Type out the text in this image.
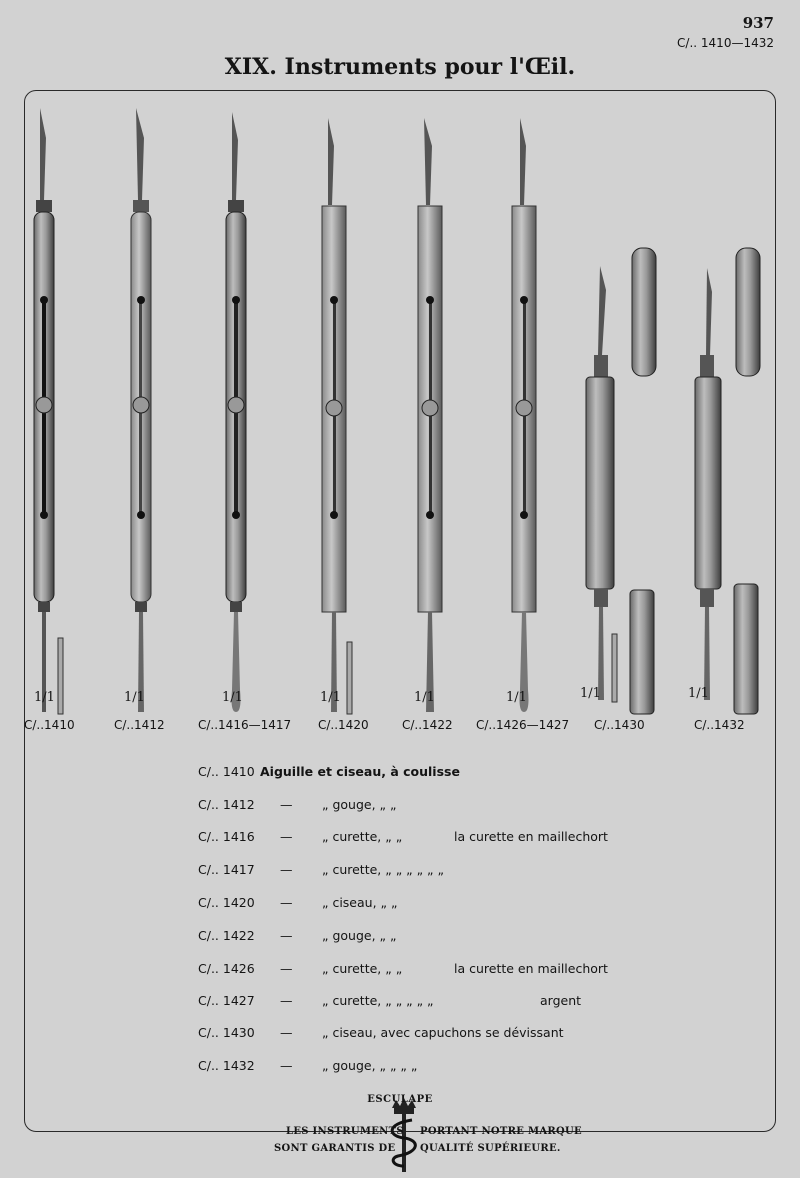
937
C/.. 1410—1432
XIX. Instruments pour l'Œil.
1/1	1/1	1/1	1/1	1/1	1/1	1/1	1/1
C/..1410	C/..1412	C/..1416—1417 C/..1420	C/..1422 C/..1426—1427 C/..1430	C/..1432
C/.. 1410 Aiguille et ciseau, à coulisse
C/.. 1412 — „ gouge, „ „
C/.. 1416 — „ curette, „ „	la curette en maillechort
C/.. 1417 — „ curette, „ „ „ „ „ „
C/.. 1420 — „ ciseau, „ „
C/.. 1422 — „ gouge, „ „
C/.. 1426 — „ curette, „ „	la curette en maillechort
C/.. 1427 — „ curette, „ „ „ „ „	argent
C/.. 1430 — „ ciseau, avec capuchons se dévissant
C/.. 1432 — „ gouge, „ „ „ „
ESCULAPE
LES INSTRUMENTS PORTANT NOTRE MARQUE
SONT GARANTIS DE QUALITÉ SUPÉRIEURE.
